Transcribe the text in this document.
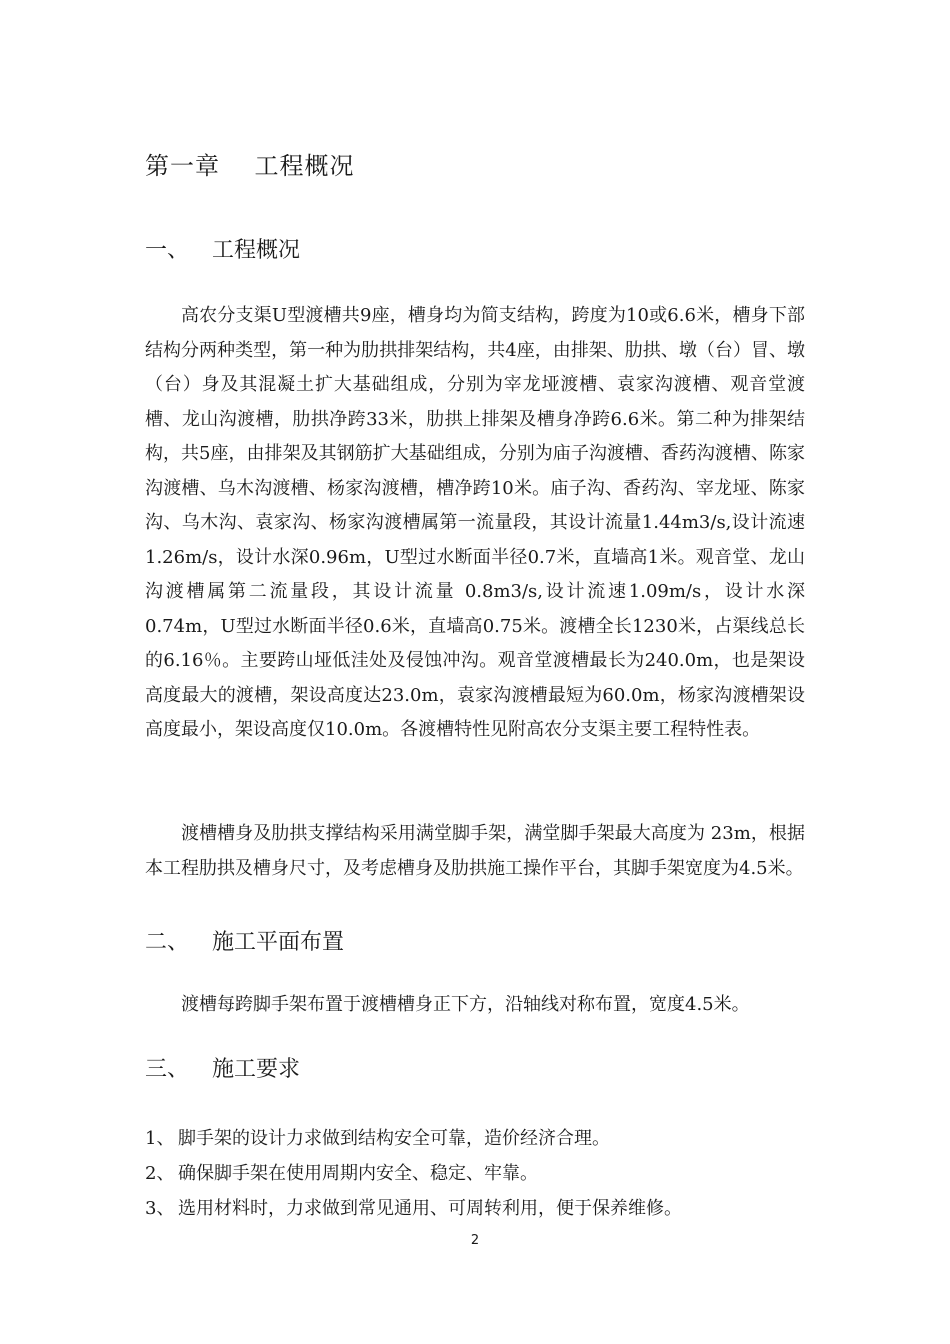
第一章    工程概况
一、 工程概况

高农分支渠U型渡槽共9座，槽身均为简支结构，跨度为10或6.6米，槽身下部结构分两种类型，第一种为肋拱排架结构，共4座，由排架、肋拱、墩（台）冒、墩（台）身及其混凝土扩大基础组成，分别为宰龙垭渡槽、袁家沟渡槽、观音堂渡槽、龙山沟渡槽，肋拱净跨33米，肋拱上排架及槽身净跨6.6米。第二种为排架结构，共5座，由排架及其钢筋扩大基础组成，分别为庙子沟渡槽、香药沟渡槽、陈家沟渡槽、乌木沟渡槽、杨家沟渡槽，槽净跨10米。庙子沟、香药沟、宰龙垭、陈家沟、乌木沟、袁家沟、杨家沟渡槽属第一流量段，其设计流量1.44m3/s,设计流速1.26m/s，设计水深0.96m，U型过水断面半径0.7米，直墙高1米。观音堂、龙山沟渡槽属第二流量段，其设计流量 0.8m3/s,设计流速1.09m/s，设计水深0.74m，U型过水断面半径0.6米，直墙高0.75米。渡槽全长1230米，占渠线总长的6.16％。主要跨山垭低洼处及侵蚀冲沟。观音堂渡槽最长为240.0m，也是架设高度最大的渡槽，架设高度达23.0m，袁家沟渡槽最短为60.0m，杨家沟渡槽架设高度最小，架设高度仅10.0m。各渡槽特性见附高农分支渠主要工程特性表。

渡槽槽身及肋拱支撑结构采用满堂脚手架，满堂脚手架最大高度为 23m，根据本工程肋拱及槽身尺寸，及考虑槽身及肋拱施工操作平台，其脚手架宽度为4.5米。

二、 施工平面布置

渡槽每跨脚手架布置于渡槽槽身正下方，沿轴线对称布置，宽度4.5米。

三、 施工要求
1、 脚手架的设计力求做到结构安全可靠，造价经济合理。
2、 确保脚手架在使用周期内安全、稳定、牢靠。
3、 选用材料时，力求做到常见通用、可周转利用，便于保养维修。
2
